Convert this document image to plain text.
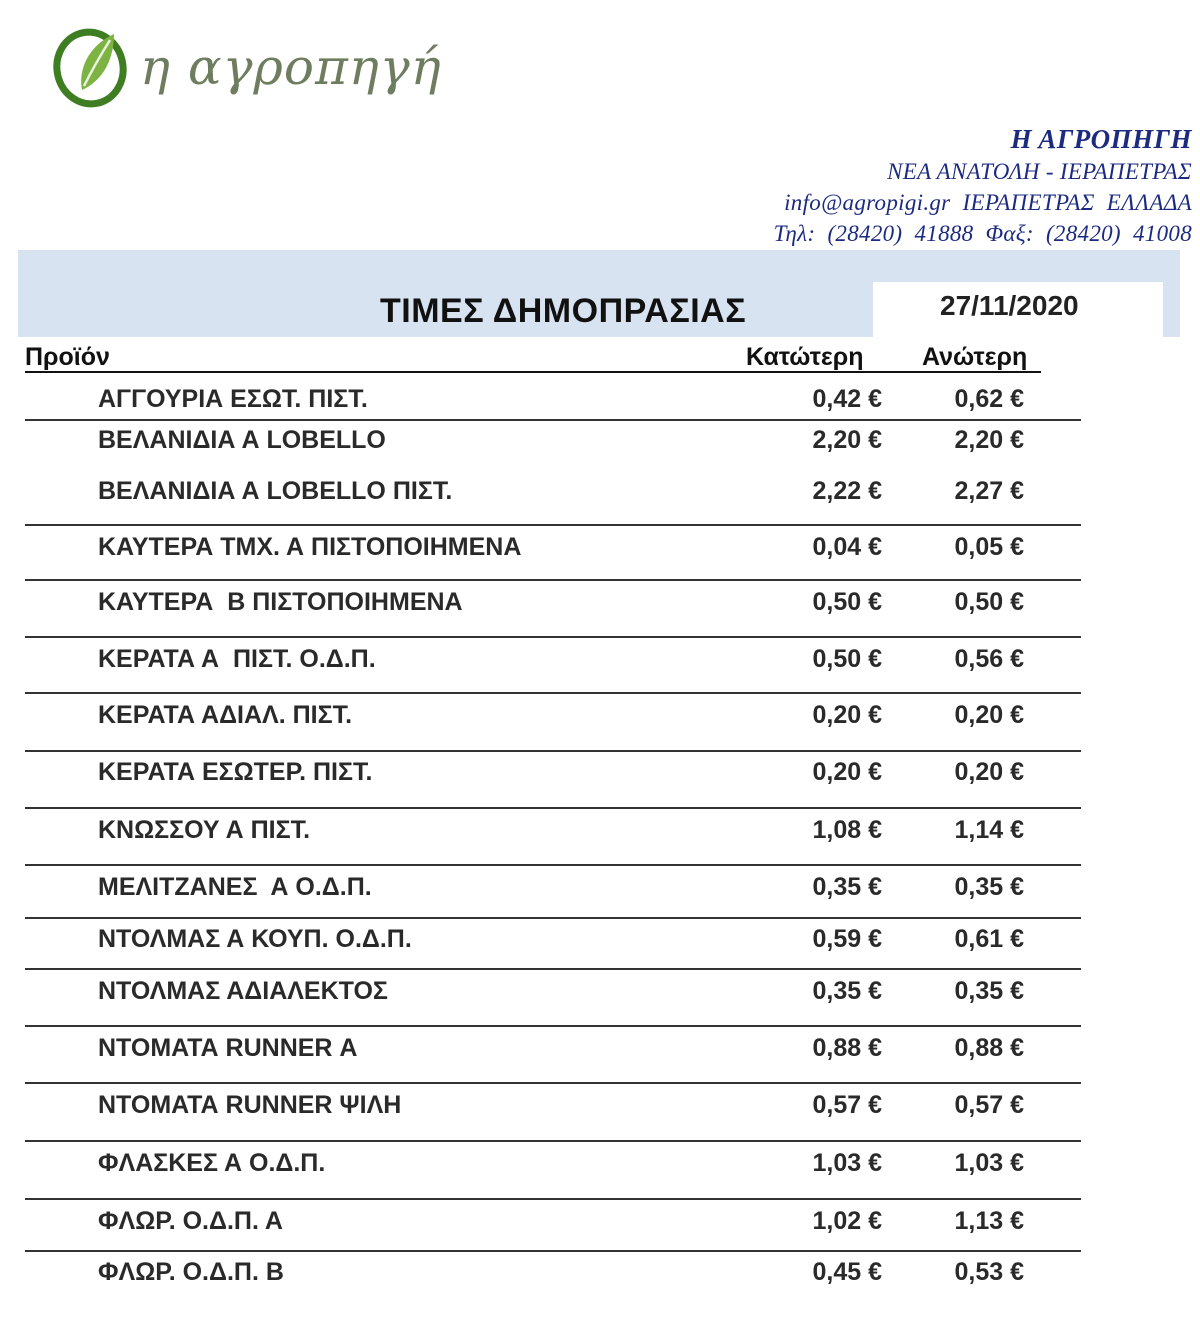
η αγροπηγή
Η ΑΓΡΟΠΗΓΗ
ΝΕΑ ΑΝΑΤΟΛΗ - ΙΕΡΑΠΕΤΡΑΣ
info@agropigi.gr  ΙΕΡΑΠΕΤΡΑΣ  ΕΛΛΑΔΑ
Τηλ:  (28420)  41888  Φαξ:  (28420)  41008
ΤΙΜΕΣ ΔΗΜΟΠΡΑΣΙΑΣ	27/11/2020
Προϊόν	Κατώτερη Ανώτερη
ΑΓΓΟΥΡΙΑ ΕΣΩΤ. ΠΙΣΤ.	0,42 €	0,62 €
ΒΕΛΑΝΙΔΙΑ Α LOBELLO	2,20 €	2,20 €
ΒΕΛΑΝΙΔΙΑ Α LOBELLO ΠΙΣΤ.	2,22 €	2,27 €
ΚΑΥΤΕΡΑ ΤΜΧ. Α ΠΙΣΤΟΠΟΙΗΜΕΝΑ	0,04 €	0,05 €
ΚΑΥΤΕΡΑ  Β ΠΙΣΤΟΠΟΙΗΜΕΝΑ	0,50 €	0,50 €
ΚΕΡΑΤΑ Α  ΠΙΣΤ. Ο.Δ.Π.	0,50 €	0,56 €
ΚΕΡΑΤΑ ΑΔΙΑΛ. ΠΙΣΤ.	0,20 €	0,20 €
ΚΕΡΑΤΑ ΕΣΩΤΕΡ. ΠΙΣΤ.	0,20 €	0,20 €
ΚΝΩΣΣΟΥ Α ΠΙΣΤ.	1,08 €	1,14 €
ΜΕΛΙΤΖΑΝΕΣ  Α Ο.Δ.Π.	0,35 €	0,35 €
ΝΤΟΛΜΑΣ Α ΚΟΥΠ. Ο.Δ.Π.	0,59 €	0,61 €
ΝΤΟΛΜΑΣ ΑΔΙΑΛΕΚΤΟΣ	0,35 €	0,35 €
ΝΤΟΜΑΤΑ RUNNER Α	0,88 €	0,88 €
ΝΤΟΜΑΤΑ RUNNER ΨΙΛΗ	0,57 €	0,57 €
ΦΛΑΣΚΕΣ Α Ο.Δ.Π.	1,03 €	1,03 €
ΦΛΩΡ. Ο.Δ.Π. Α	1,02 €	1,13 €
ΦΛΩΡ. Ο.Δ.Π. Β	0,45 €	0,53 €
